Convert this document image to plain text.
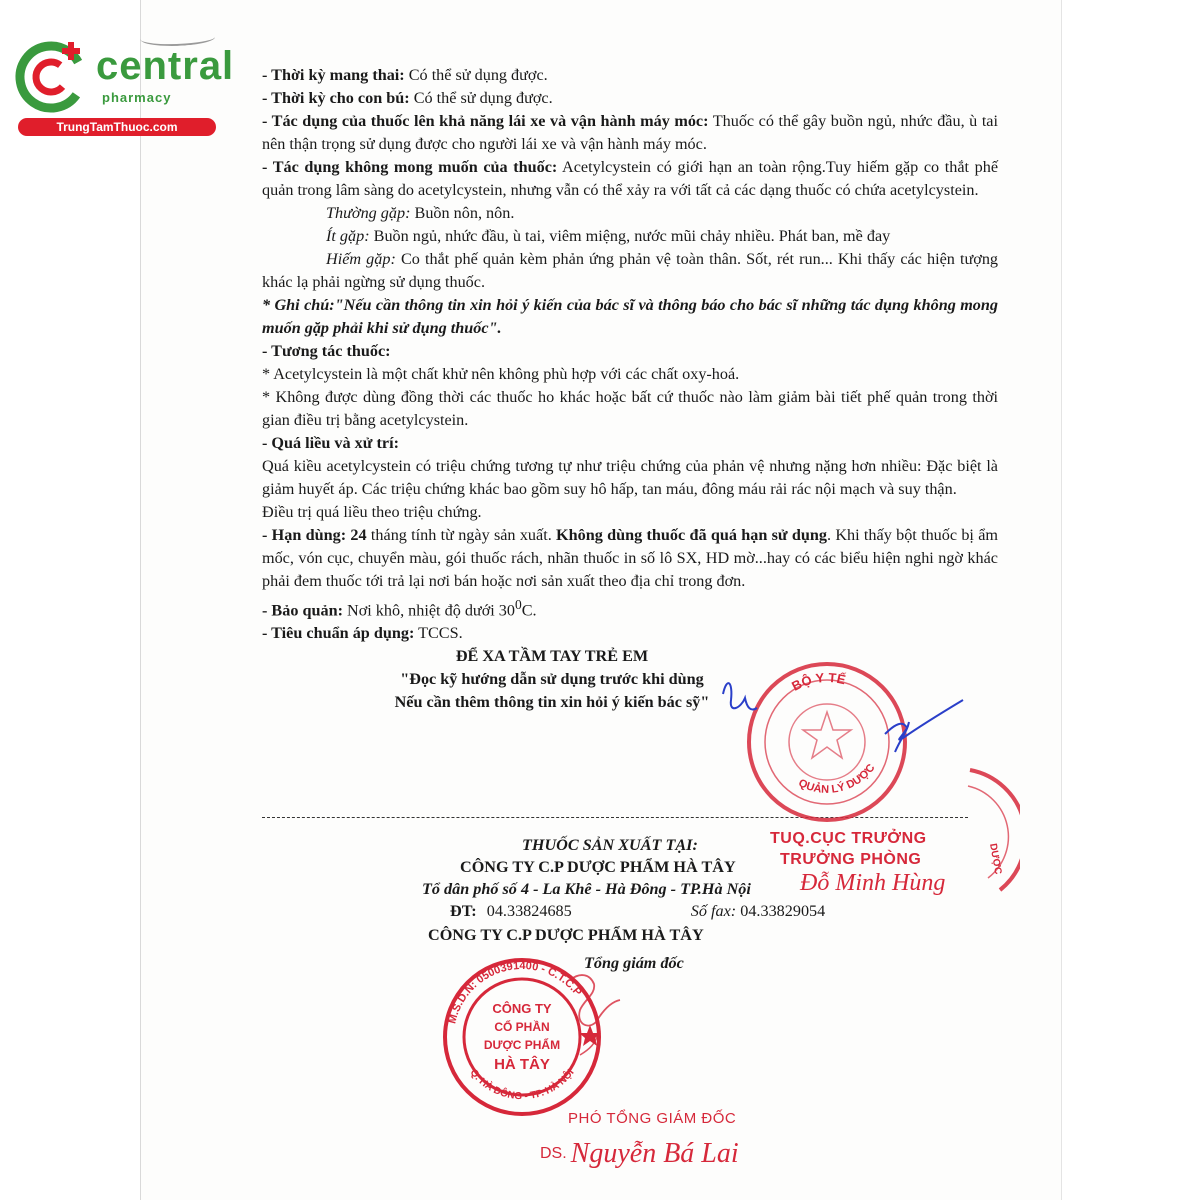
central
pharmacy
TrungTamThuoc.com
- Thời kỳ mang thai: Có thể sử dụng được.
- Thời kỳ cho con bú: Có thể sử dụng được.
- Tác dụng của thuốc lên khả năng lái xe và vận hành máy móc: Thuốc có thể gây buồn ngủ, nhức đầu, ù tai nên thận trọng sử dụng được cho người lái xe và vận hành máy móc.
- Tác dụng không mong muốn của thuốc: Acetylcystein có giới hạn an toàn rộng.Tuy hiếm gặp co thắt phế quản trong lâm sàng do acetylcystein, nhưng vẫn có thể xảy ra với tất cả các dạng thuốc có chứa acetylcystein.
Thường gặp: Buồn nôn, nôn.
Ít gặp: Buồn ngủ, nhức đầu, ù tai, viêm miệng, nước mũi chảy nhiều. Phát ban, mề đay
Hiếm gặp: Co thắt phế quản kèm phản ứng phản vệ toàn thân. Sốt, rét run... Khi thấy các hiện tượng khác lạ phải ngừng sử dụng thuốc.
* Ghi chú:"Nếu cần thông tin xin hỏi ý kiến của bác sĩ và thông báo cho bác sĩ những tác dụng không mong muốn gặp phải khi sử dụng thuốc".
- Tương tác thuốc:
* Acetylcystein là một chất khử nên không phù hợp với các chất oxy-hoá.
* Không được dùng đồng thời các thuốc ho khác hoặc bất cứ thuốc nào làm giảm bài tiết phế quản trong thời gian điều trị bằng acetylcystein.
- Quá liều và xử trí:
Quá kiều acetylcystein có triệu chứng tương tự như triệu chứng của phản vệ nhưng nặng hơn nhiều: Đặc biệt là giảm huyết áp. Các triệu chứng khác bao gồm suy hô hấp, tan máu, đông máu rải rác nội mạch và suy thận.
Điều trị quá liều theo triệu chứng.
- Hạn dùng: 24 tháng tính từ ngày sản xuất. Không dùng thuốc đã quá hạn sử dụng. Khi thấy bột thuốc bị ẩm mốc, vón cục, chuyển màu, gói thuốc rách, nhãn thuốc in số lô SX, HD mờ...hay có các biểu hiện nghi ngờ khác phải đem thuốc tới trả lại nơi bán hoặc nơi sản xuất theo địa chỉ trong đơn.
- Bảo quản: Nơi khô, nhiệt độ dưới $30^0C$.
- Tiêu chuẩn áp dụng: TCCS.
ĐỂ XA TẦM TAY TRẺ EM
"Đọc kỹ hướng dẫn sử dụng trước khi dùng
Nếu cần thêm thông tin xin hỏi ý kiến bác sỹ"
THUỐC SẢN XUẤT TẠI:
CÔNG TY C.P DƯỢC PHẨM HÀ TÂY
Tổ dân phố số 4 - La Khê - Hà Đông - TP.Hà Nội
ĐT: 04.33824685	Số fax: 04.33829054
CÔNG TY C.P DƯỢC PHẨM HÀ TÂY
Tổng giám đốc
BỘ Y TẾ
QUẢN LÝ DƯỢC
DƯỢC
TUQ.CỤC TRƯỞNG
TRƯỞNG PHÒNG
Đỗ Minh Hùng
M.S.D.N: 0500391400 - C.T.C.P
Q. HÀ ĐÔNG - TP. HÀ NỘI
CÔNG TY
CỔ PHẦN
DƯỢC PHẨM
HÀ TÂY
PHÓ TỔNG GIÁM ĐỐC
DS. Nguyễn Bá Lai
